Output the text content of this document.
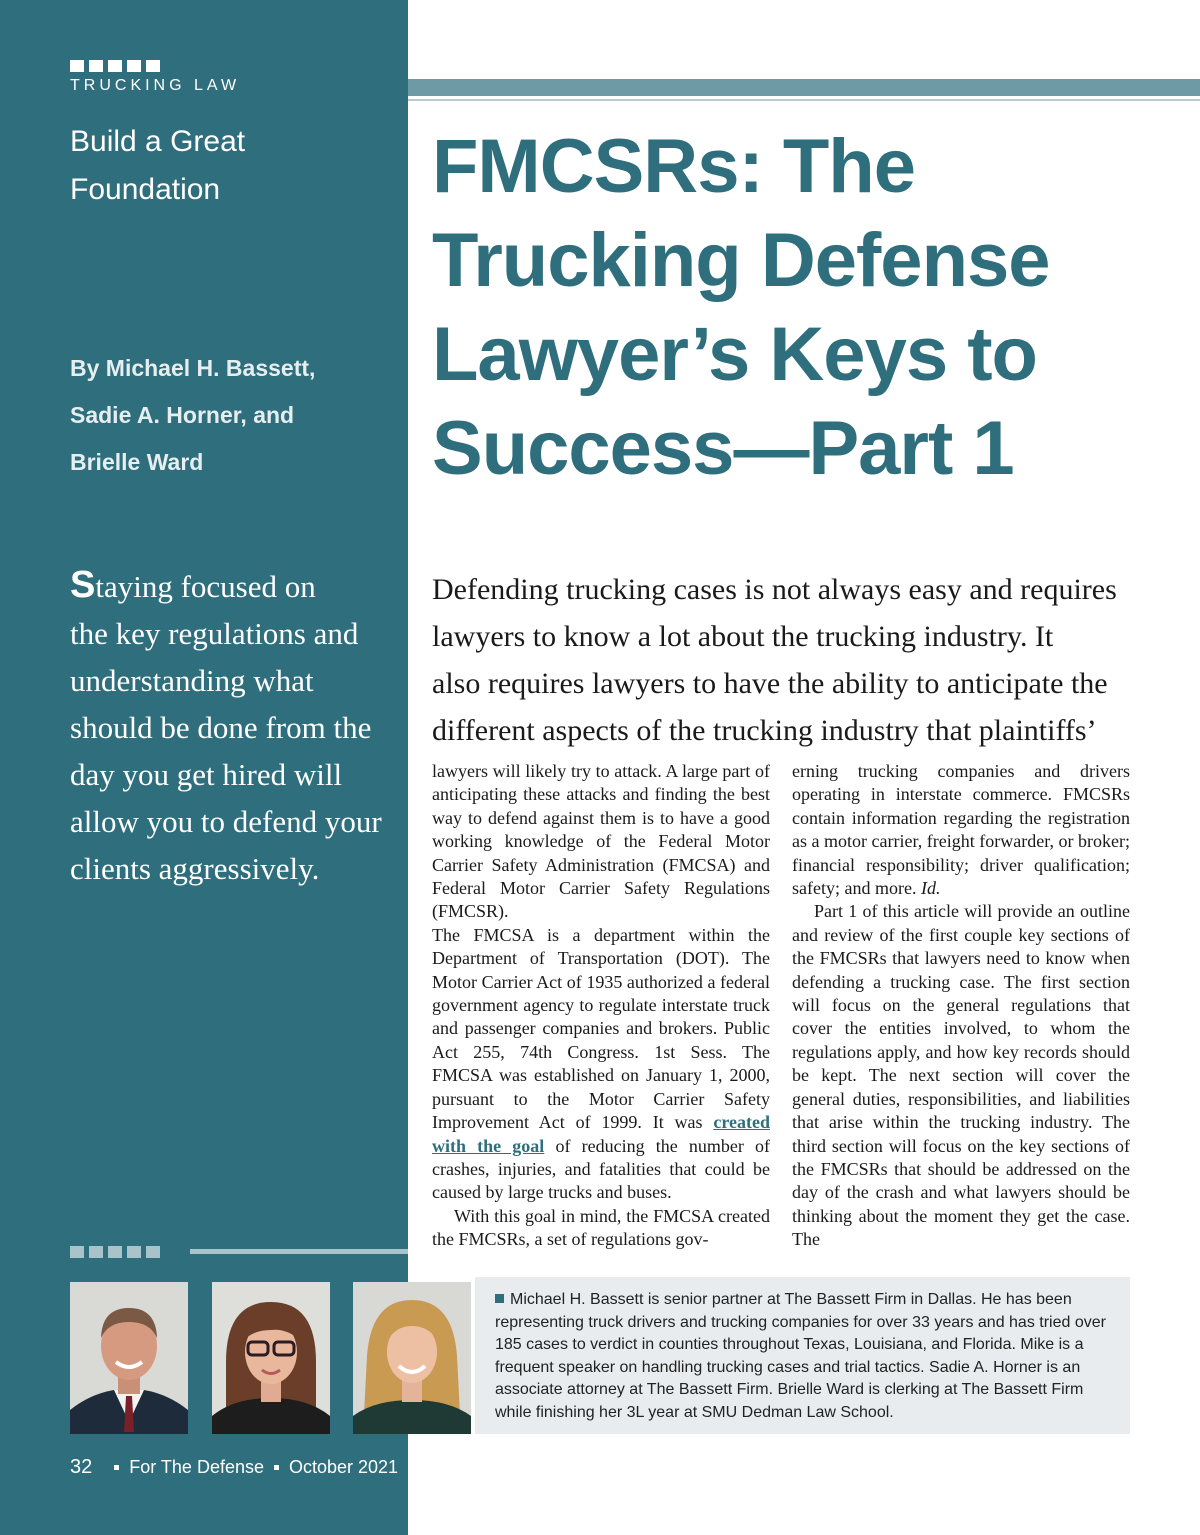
TRUCKING LAW
Build a Great
Foundation
By Michael H. Bassett,
Sadie A. Horner, and
Brielle Ward
Staying focused on
the key regulations and
understanding what
should be done from the
day you get hired will
allow you to defend your
clients aggressively.
FMCSRs: The
Trucking Defense
Lawyer’s Keys to
Success—Part 1
Defending trucking cases is not always easy and requires
lawyers to know a lot about the trucking industry. It
also requires lawyers to have the ability to anticipate the
different aspects of the trucking industry that plaintiffs’

lawyers will likely try to attack. A large part of anticipating these attacks and finding the best way to defend against them is to have a good working knowledge of the Federal Motor Carrier Safety Administration (FMCSA) and Federal Motor Carrier Safety Regulations (FMCSR).

The FMCSA is a department within the Department of Transportation (DOT). The Motor Carrier Act of 1935 authorized a federal government agency to regulate interstate truck and passenger companies and brokers. Public Act 255, 74th Congress. 1st Sess. The FMCSA was established on January 1, 2000, pursuant to the Motor Carrier Safety Improvement Act of 1999. It was created with the goal of reducing the number of crashes, injuries, and fatalities that could be caused by large trucks and buses.

With this goal in mind, the FMCSA created the FMCSRs, a set of regulations gov-

erning trucking companies and drivers operating in interstate commerce. FMCSRs contain information regarding the registration as a motor carrier, freight forwarder, or broker; financial responsibility; driver qualification; safety; and more. Id.

Part 1 of this article will provide an outline and review of the first couple key sections of the FMCSRs that lawyers need to know when defending a trucking case. The first section will focus on the general regulations that cover the entities involved, to whom the regulations apply, and how key records should be kept. The next section will cover the general duties, responsibilities, and liabilities that arise within the trucking industry. The third section will focus on the key sections of the FMCSRs that should be addressed on the day of the crash and what lawyers should be thinking about the moment they get the case. The

Michael H. Bassett is senior partner at The Bassett Firm in Dallas. He has been representing truck drivers and trucking companies for over 33 years and has tried over 185 cases to verdict in counties throughout Texas, Louisiana, and Florida. Mike is a frequent speaker on handling trucking cases and trial tactics. Sadie A. Horner is an associate attorney at The Bassett Firm. Brielle Ward is clerking at The Bassett Firm while finishing her 3L year at SMU Dedman Law School.
32 For The Defense October 2021
